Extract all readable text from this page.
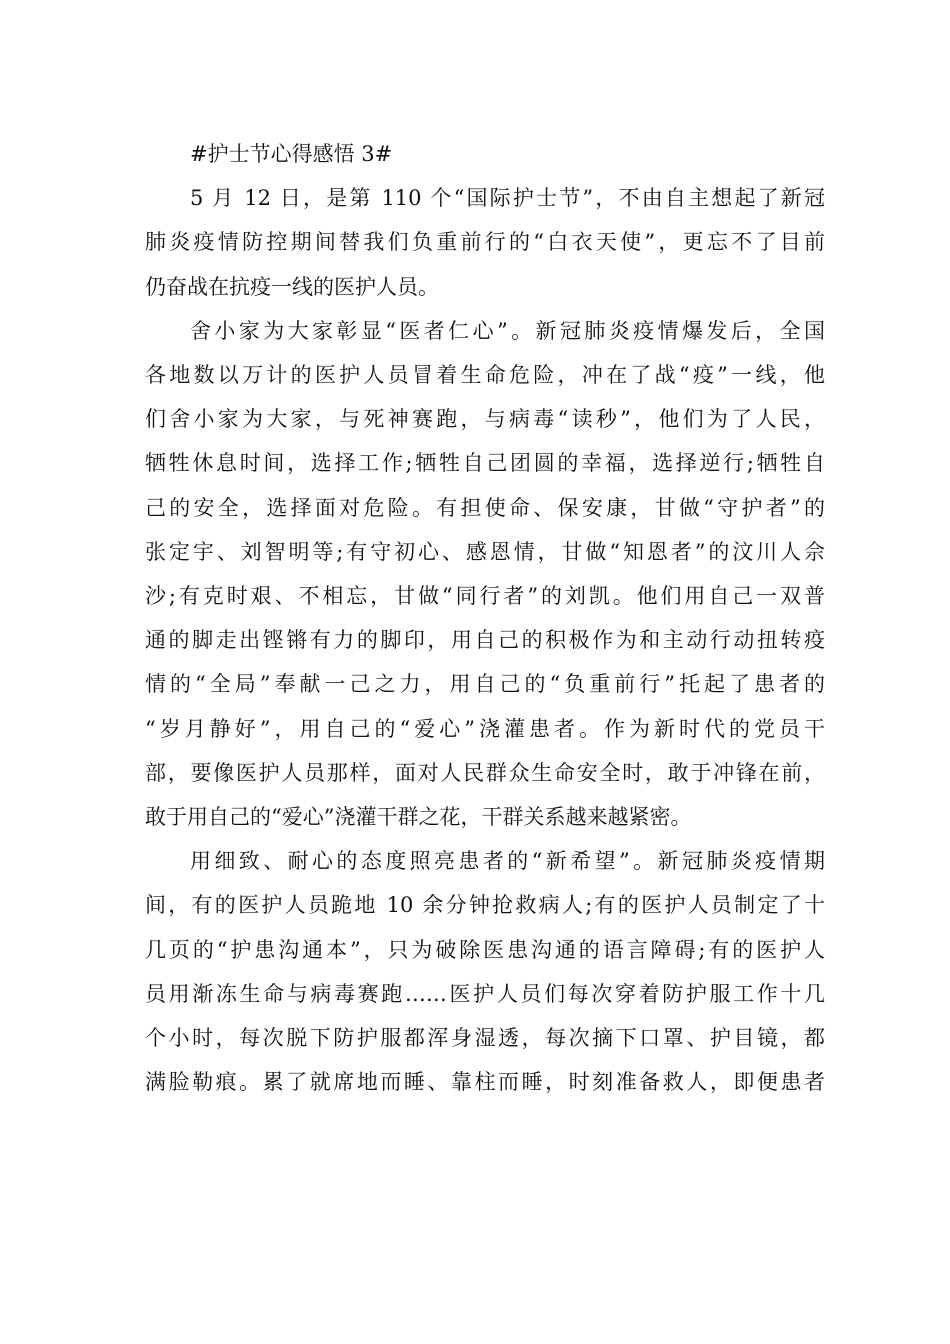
#护士节心得感悟 3#
5 月 12 日，是第 110 个“国际护士节”，不由自主想起了新冠
肺炎疫情防控期间替我们负重前行的“白衣天使”，更忘不了目前
仍奋战在抗疫一线的医护人员。
舍小家为大家彰显“医者仁心”。新冠肺炎疫情爆发后，全国
各地数以万计的医护人员冒着生命危险，冲在了战“疫”一线，他
们舍小家为大家，与死神赛跑，与病毒“读秒”，他们为了人民，
牺牲休息时间，选择工作;牺牲自己团圆的幸福，选择逆行;牺牲自
己的安全，选择面对危险。有担使命、保安康，甘做“守护者”的
张定宇、刘智明等;有守初心、感恩情，甘做“知恩者”的汶川人佘
沙;有克时艰、不相忘，甘做“同行者”的刘凯。他们用自己一双普
通的脚走出铿锵有力的脚印，用自己的积极作为和主动行动扭转疫
情的“全局”奉献一己之力，用自己的“负重前行”托起了患者的
“岁月静好”，用自己的“爱心”浇灌患者。作为新时代的党员干
部，要像医护人员那样，面对人民群众生命安全时，敢于冲锋在前，
敢于用自己的“爱心”浇灌干群之花，干群关系越来越紧密。
用细致、耐心的态度照亮患者的“新希望”。新冠肺炎疫情期
间，有的医护人员跪地 10 余分钟抢救病人;有的医护人员制定了十
几页的“护患沟通本”，只为破除医患沟通的语言障碍;有的医护人
员用渐冻生命与病毒赛跑……医护人员们每次穿着防护服工作十几
个小时，每次脱下防护服都浑身湿透，每次摘下口罩、护目镜，都
满脸勒痕。累了就席地而睡、靠柱而睡，时刻准备救人，即便患者
